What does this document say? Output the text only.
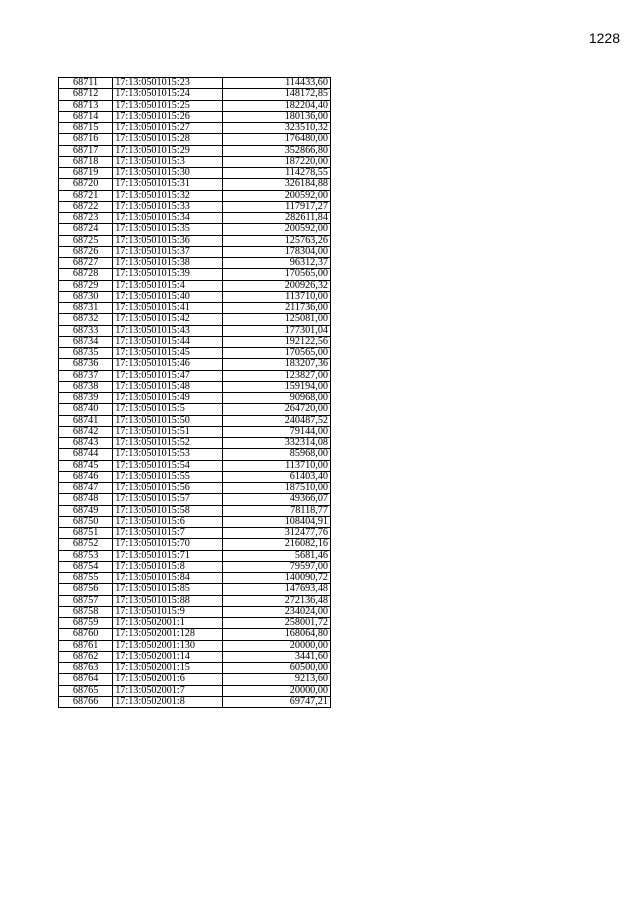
1228
68711	17:13:0501015:23	114433,60
68712	17:13:0501015:24	148172,85
68713	17:13:0501015:25	182204,40
68714	17:13:0501015:26	180136,00
68715	17:13:0501015:27	323510,32
68716	17:13:0501015:28	176480,00
68717	17:13:0501015:29	352866,80
68718	17:13:0501015:3	187220,00
68719	17:13:0501015:30	114278,55
68720	17:13:0501015:31	326184,88
68721	17:13:0501015:32	200592,00
68722	17:13:0501015:33	117917,27
68723	17:13:0501015:34	282611,84
68724	17:13:0501015:35	200592,00
68725	17:13:0501015:36	125763,26
68726	17:13:0501015:37	178304,00
68727	17:13:0501015:38	96312,37
68728	17:13:0501015:39	170565,00
68729	17:13:0501015:4	200926,32
68730	17:13:0501015:40	113710,00
68731	17:13:0501015:41	211736,00
68732	17:13:0501015:42	125081,00
68733	17:13:0501015:43	177301,04
68734	17:13:0501015:44	192122,56
68735	17:13:0501015:45	170565,00
68736	17:13:0501015:46	183207,36
68737	17:13:0501015:47	123827,00
68738	17:13:0501015:48	159194,00
68739	17:13:0501015:49	90968,00
68740	17:13:0501015:5	264720,00
68741	17:13:0501015:50	240487,52
68742	17:13:0501015:51	79144,00
68743	17:13:0501015:52	332314,08
68744	17:13:0501015:53	85968,00
68745	17:13:0501015:54	113710,00
68746	17:13:0501015:55	61403,40
68747	17:13:0501015:56	187510,00
68748	17:13:0501015:57	49366,07
68749	17:13:0501015:58	78118,77
68750	17:13:0501015:6	108404,91
68751	17:13:0501015:7	312477,76
68752	17:13:0501015:70	216082,16
68753	17:13:0501015:71	5681,46
68754	17:13:0501015:8	79597,00
68755	17:13:0501015:84	140090,72
68756	17:13:0501015:85	147693,48
68757	17:13:0501015:88	272136,48
68758	17:13:0501015:9	234024,00
68759	17:13:0502001:1	258001,72
68760	17:13:0502001:128	168064,80
68761	17:13:0502001:130	20000,00
68762	17:13:0502001:14	3441,60
68763	17:13:0502001:15	60500,00
68764	17:13:0502001:6	9213,60
68765	17:13:0502001:7	20000,00
68766	17:13:0502001:8	69747,21
